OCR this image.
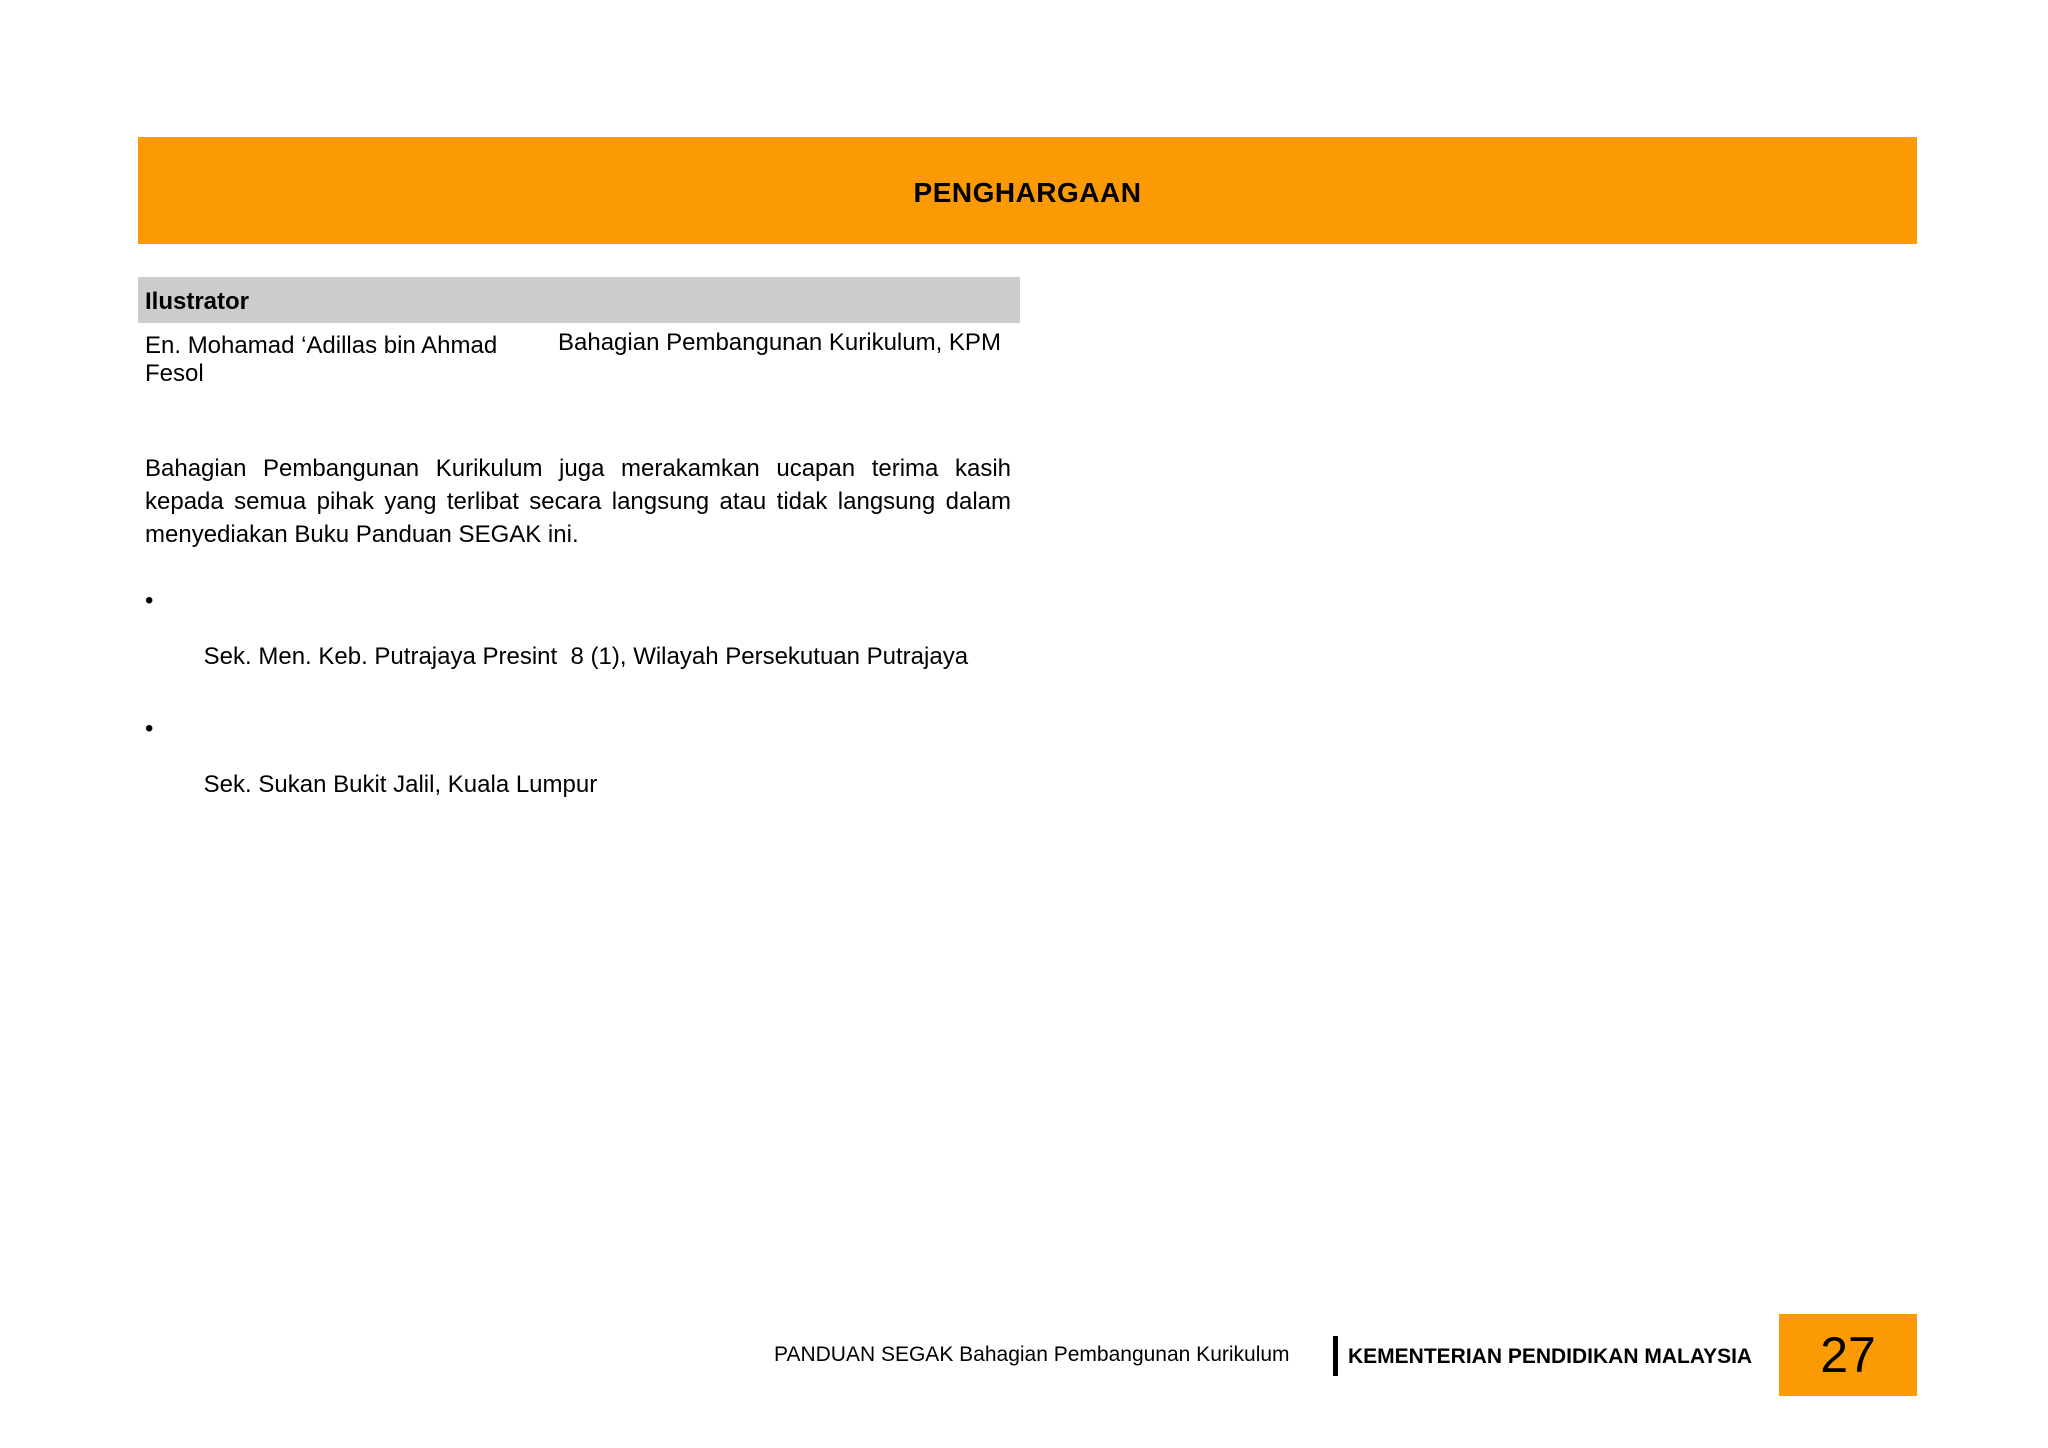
PENGHARGAAN
Ilustrator
En. Mohamad ‘Adillas bin Ahmad Fesol
Bahagian Pembangunan Kurikulum, KPM

Bahagian Pembangunan Kurikulum juga merakamkan ucapan terima kasih kepada semua pihak yang terlibat secara langsung atau tidak langsung dalam menyediakan Buku Panduan SEGAK ini.

•

Sek. Men. Keb. Putrajaya Presint  8 (1), Wilayah Persekutuan Putrajaya

•

Sek. Sukan Bukit Jalil, Kuala Lumpur

PANDUAN SEGAK Bahagian Pembangunan Kurikulum	KEMENTERIAN PENDIDIKAN MALAYSIA 27
